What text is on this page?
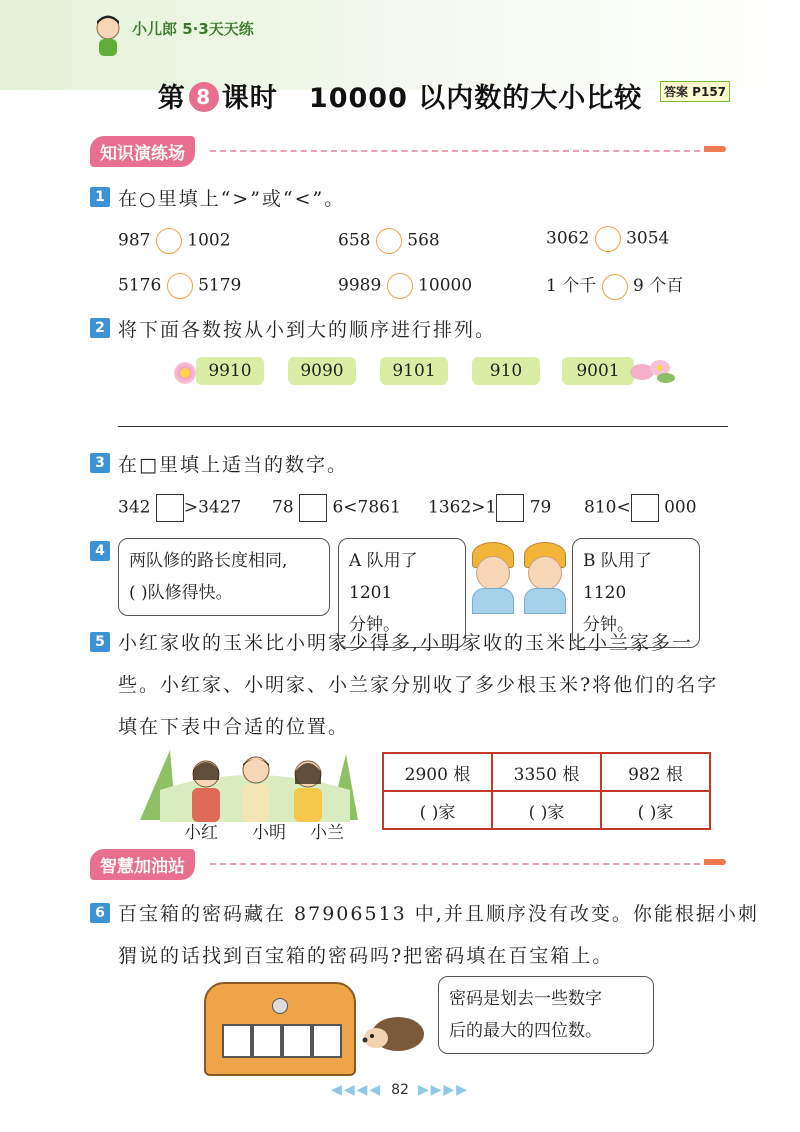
小儿郎 5·3天天练
第 8 课时 10000 以内数的大小比较	答案 P157
知识演练场
1 在○里填上“>”或“<”。
987 1002	658 568	3062 3054
5176 5179	9989 10000	1 个千 9 个百
2 将下面各数按从小到大的顺序进行排列。
9910	9090	9101	910	9001
3 在□里填上适当的数字。
342 >3427 78 6<7861 1362>1 79 810< 000
4	两队修的路长度相同,
( )队修得快。
A 队用了 1201
分钟。
B 队用了 1120
分钟。
5 小红家收的玉米比小明家少得多,小明家收的玉米比小兰家多一
些。小红家、小明家、小兰家分别收了多少根玉米?将他们的名字
填在下表中合适的位置。
小红 小明 小兰
2900 根	3350 根	982 根
( )家	( )家	( )家
智慧加油站
6 百宝箱的密码藏在 87906513 中,并且顺序没有改变。你能根据小刺
猬说的话找到百宝箱的密码吗?把密码填在百宝箱上。
密码是划去一些数字
后的最大的四位数。
◀◀◀◀ 82 ▶▶▶▶
